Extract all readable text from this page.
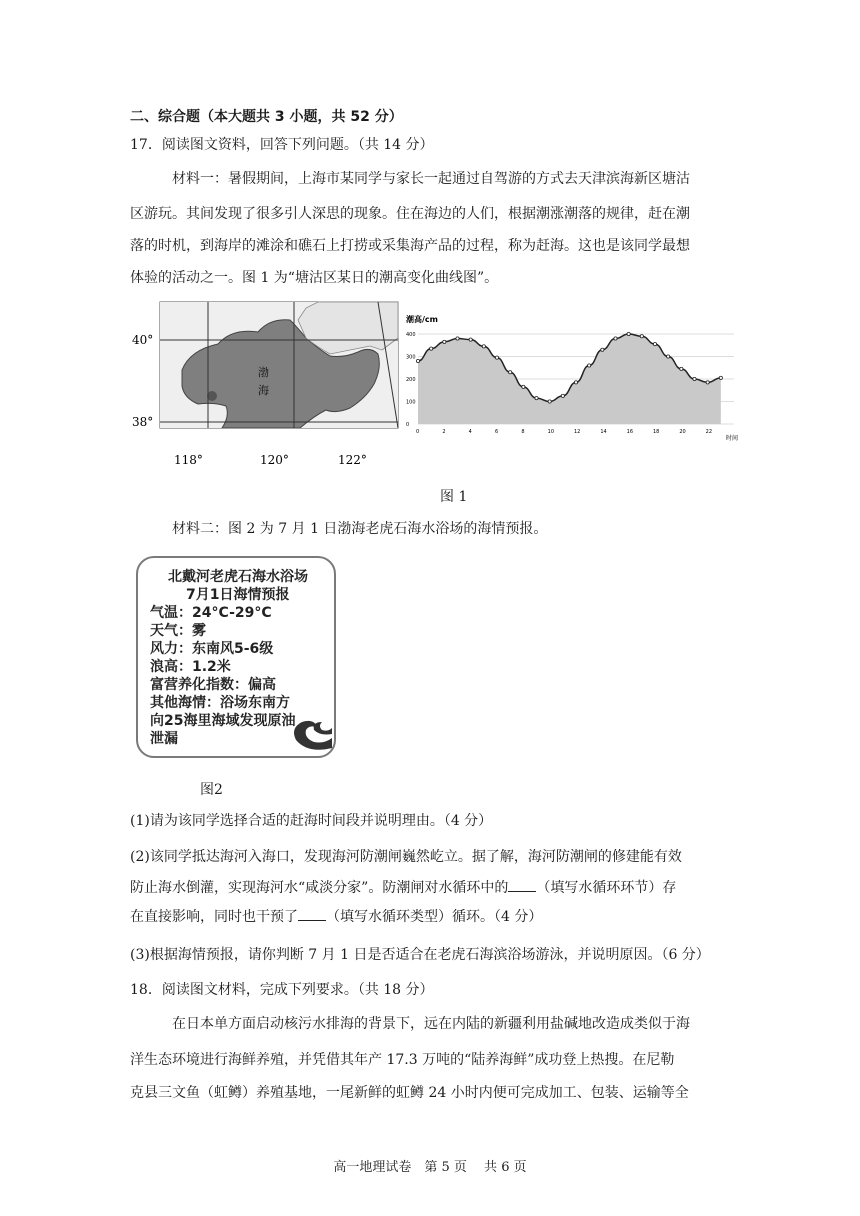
二、综合题（本大题共 3 小题，共 52 分）
17．阅读图文资料，回答下列问题。（共 14 分）
材料一：暑假期间，上海市某同学与家长一起通过自驾游的方式去天津滨海新区塘沽
区游玩。其间发现了很多引人深思的现象。住在海边的人们，根据潮涨潮落的规律，赶在潮
落的时机，到海岸的滩涂和礁石上打捞或采集海产品的过程，称为赶海。这也是该同学最想
体验的活动之一。图 1 为“塘沽区某日的潮高变化曲线图”。
40°
38°
118°	120°	122°
渤
海
潮高/cm
400
300
200
100
0
0	2	4	6	8	10	12	14	16	18	20	22
时间
图 1
材料二：图 2 为 7 月 1 日渤海老虎石海水浴场的海情预报。
北戴河老虎石海水浴场
7月1日海情预报
气温：24°C-29°C
天气：雾
风力：东南风5-6级
浪高：1.2米
富营养化指数：偏高
其他海情：浴场东南方
向25海里海域发现原油
泄漏
图2
(1)请为该同学选择合适的赶海时间段并说明理由。（4 分）
(2)该同学抵达海河入海口，发现海河防潮闸巍然屹立。据了解，海河防潮闸的修建能有效
防止海水倒灌，实现海河水“咸淡分家”。防潮闸对水循环中的 （填写水循环环节）存
在直接影响，同时也干预了 （填写水循环类型）循环。（4 分）
(3)根据海情预报，请你判断 7 月 1 日是否适合在老虎石海滨浴场游泳，并说明原因。（6 分）
18．阅读图文材料，完成下列要求。（共 18 分）
在日本单方面启动核污水排海的背景下，远在内陆的新疆利用盐碱地改造成类似于海
洋生态环境进行海鲜养殖，并凭借其年产 17.3 万吨的“陆养海鲜”成功登上热搜。在尼勒
克县三文鱼（虹鳟）养殖基地，一尾新鲜的虹鳟 24 小时内便可完成加工、包装、运输等全
高一地理试卷　第 5 页　 共 6 页
